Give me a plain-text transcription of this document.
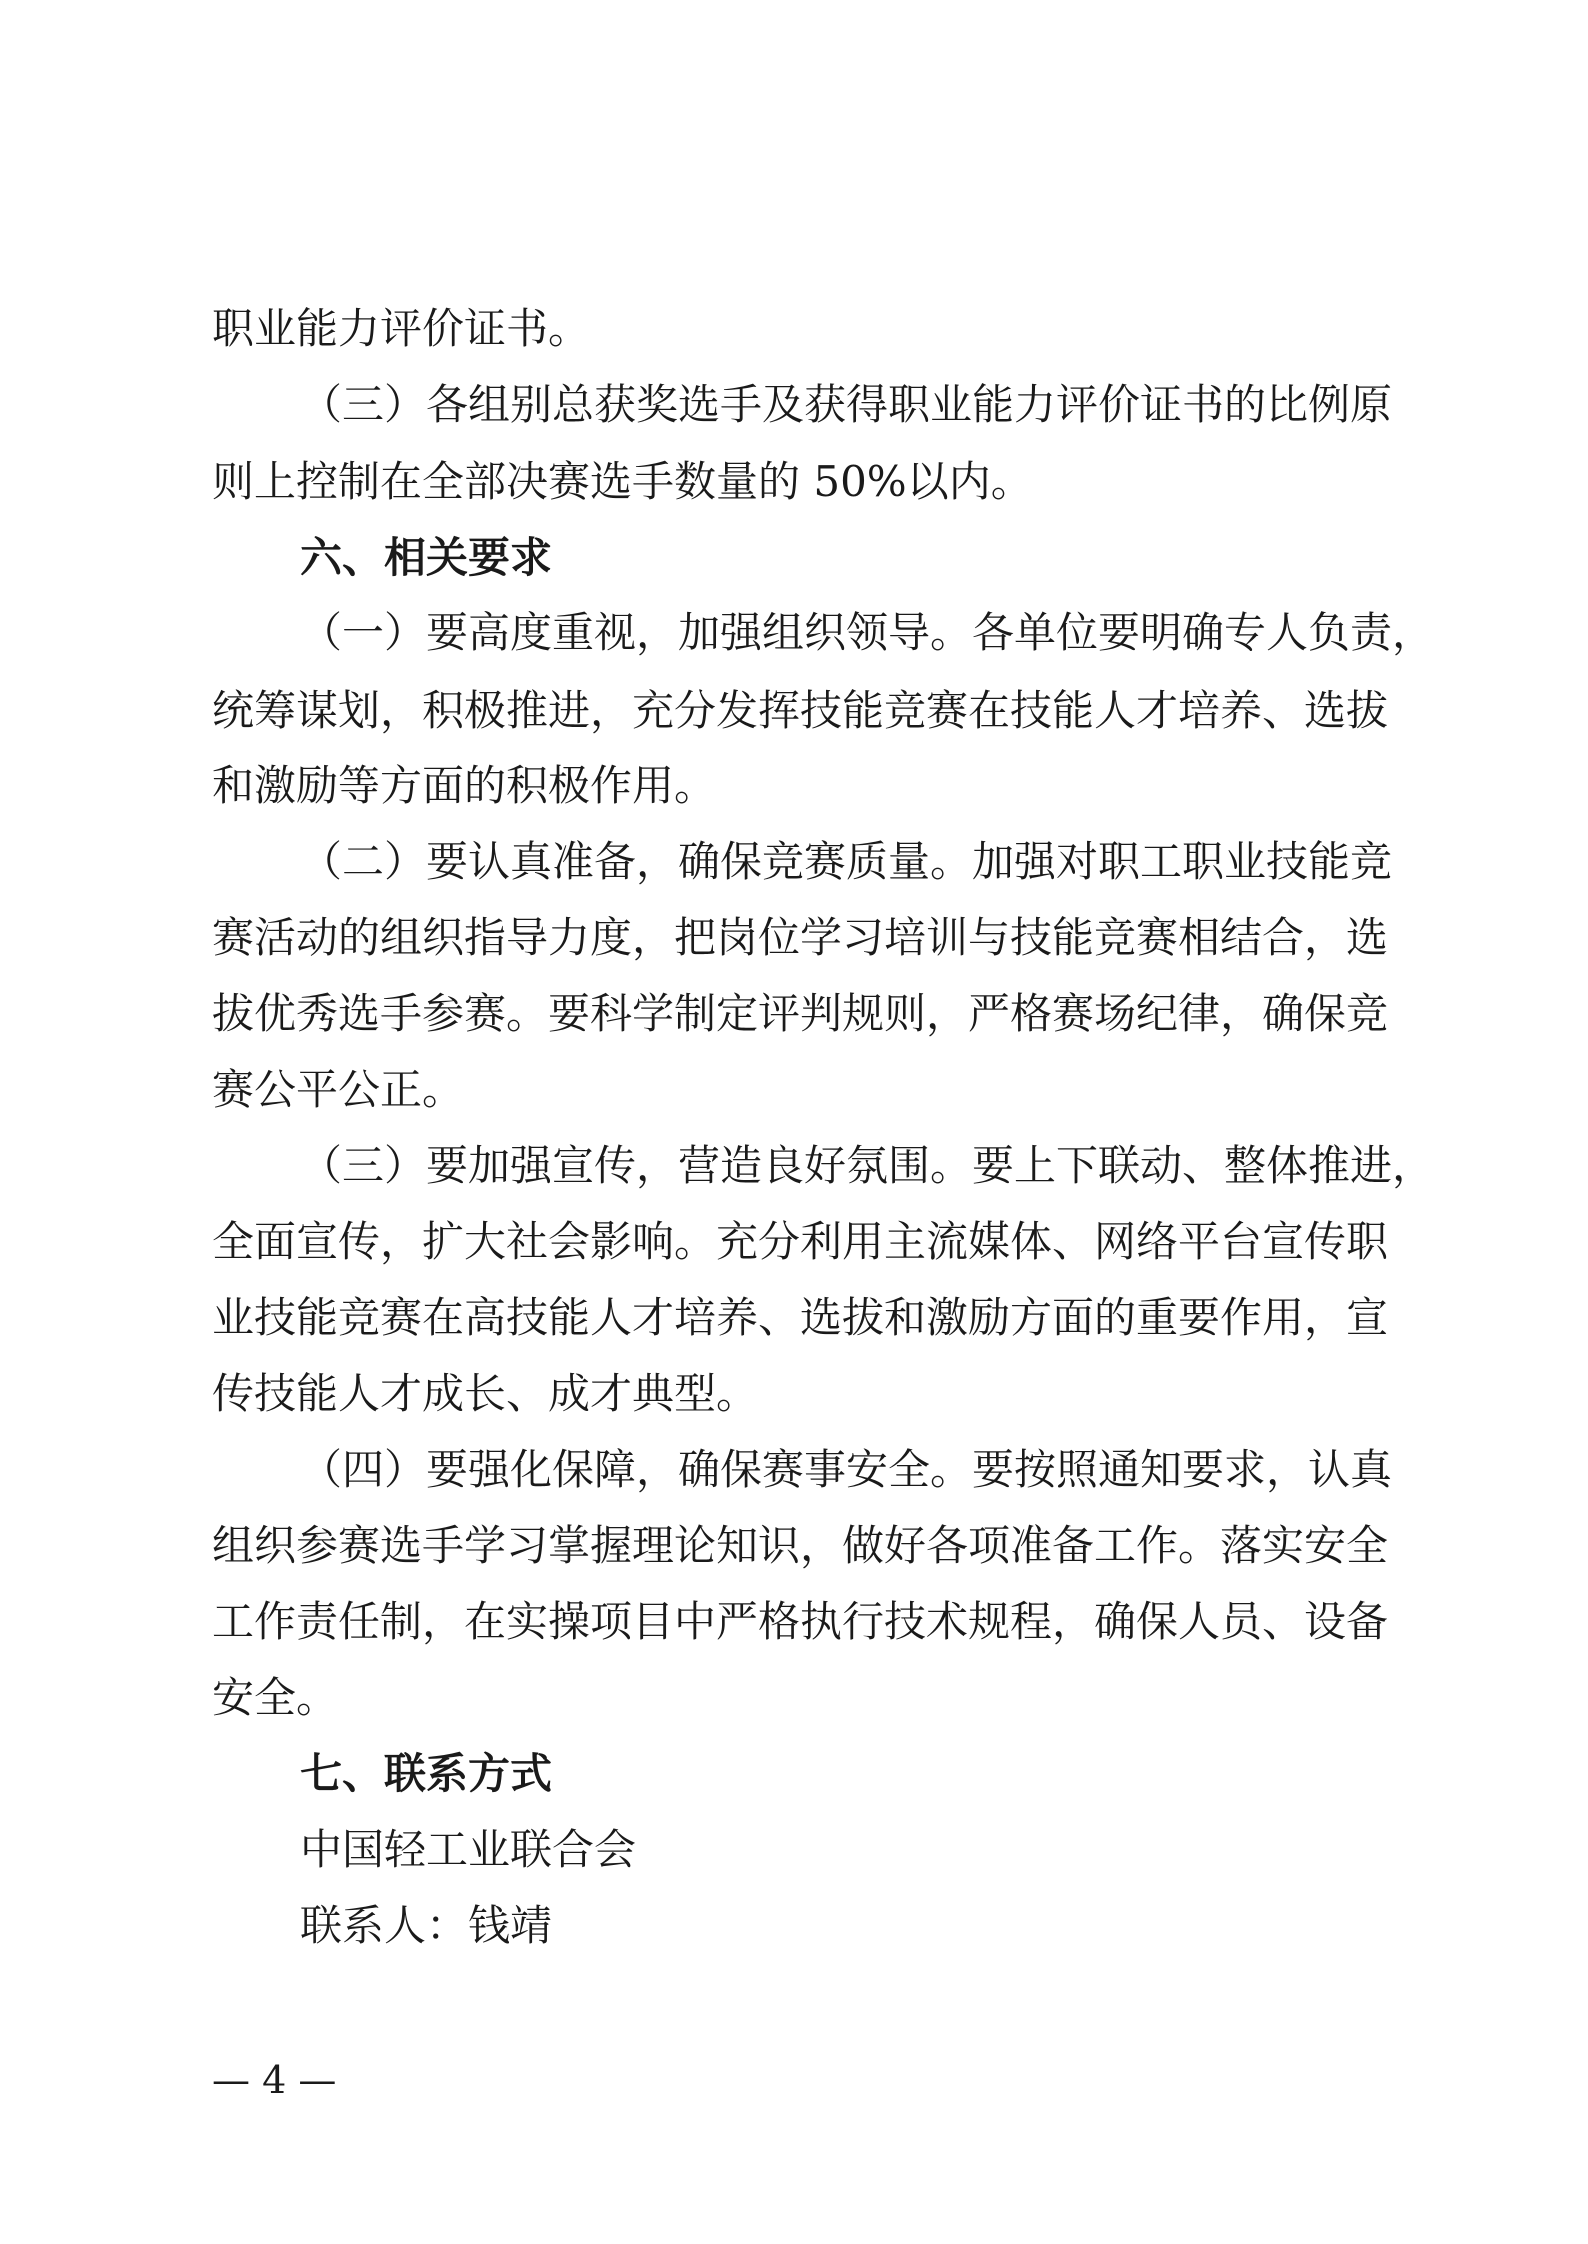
职业能力评价证书。
（三）各组别总获奖选手及获得职业能力评价证书的比例原
则上控制在全部决赛选手数量的 50%以内。
六、相关要求
（一）要高度重视，加强组织领导。各单位要明确专人负责，
统筹谋划，积极推进，充分发挥技能竞赛在技能人才培养、选拔
和激励等方面的积极作用。
（二）要认真准备，确保竞赛质量。加强对职工职业技能竞
赛活动的组织指导力度，把岗位学习培训与技能竞赛相结合，选
拔优秀选手参赛。要科学制定评判规则，严格赛场纪律，确保竞
赛公平公正。
（三）要加强宣传，营造良好氛围。要上下联动、整体推进，
全面宣传，扩大社会影响。充分利用主流媒体、网络平台宣传职
业技能竞赛在高技能人才培养、选拔和激励方面的重要作用，宣
传技能人才成长、成才典型。
（四）要强化保障，确保赛事安全。要按照通知要求，认真
组织参赛选手学习掌握理论知识，做好各项准备工作。落实安全
工作责任制，在实操项目中严格执行技术规程，确保人员、设备
安全。
七、联系方式
中国轻工业联合会
联系人：钱靖
— 4 —
